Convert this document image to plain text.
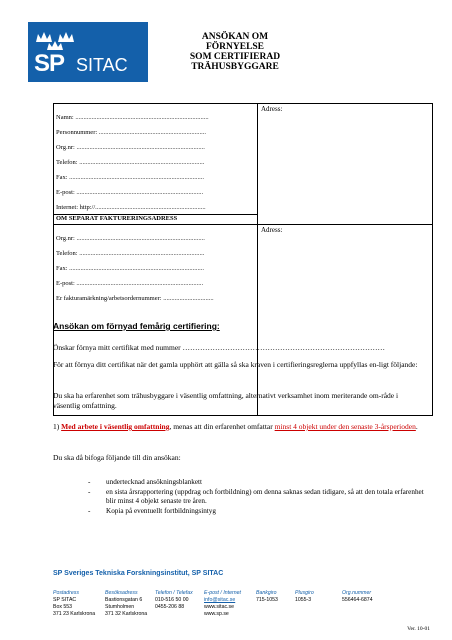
SP SITAC
ANSÖKAN OM
FÖRNYELSE
SOM CERTIFIERAD
TRÄHUSBYGGARE
Adress:
Namn: ..................................................................................
Personnummer: ..................................................................
Org.nr: ...............................................................................
Telefon: .............................................................................
Fax: ...................................................................................
E-post: ..............................................................................
Internet: http://....................................................................
OM SEPARAT FAKTURERINGSADRESS
Adress:
Org.nr: ...............................................................................
Telefon: .............................................................................
Fax: ...................................................................................
E-post: ..............................................................................
Er fakturamärkning/arbetsordernummer: ...............................
Ansökan om förnyad femårig certifiering:
Önskar förnya mitt certifikat med nummer ………………………………………………………………………
För att förnya ditt certifikat när det gamla upphört att gälla så ska kraven i certifieringsreglerna uppfyllas en-ligt följande:
Du ska ha erfarenhet som trähusbyggare i väsentlig omfattning, alternativt verksamhet inom meriterande om-råde i väsentlig omfattning.
1) Med arbete i väsentlig omfattning, menas att din erfarenhet omfattar minst 4 objekt under den senaste 3-årsperioden.
Du ska då bifoga följande till din ansökan:
-	undertecknad ansökningsblankett
-	en sista årsrapportering (uppdrag och fortbildning) om denna saknas sedan tidigare, så att den totala erfarenhet blir minst 4 objekt senaste tre åren.
-	Kopia på eventuellt fortbildningsintyg
SP Sveriges Tekniska Forskningsinstitut, SP SITAC
Postadress
SP SITAC
Box 553
371 23 Karlskrona
Besöksadress
Bastionsgatan 6
Stumholmen
371 32 Karlskrona
Telefon / Telefax
010-516 50 00
0455-206 88
E-post / Internet
info@sitac.se
www.sitac.se
www.sp.se
Bankgiro
715-1053
Plusgiro
1055-3
Org.nummer
556464-6874
Ver. 10-01
